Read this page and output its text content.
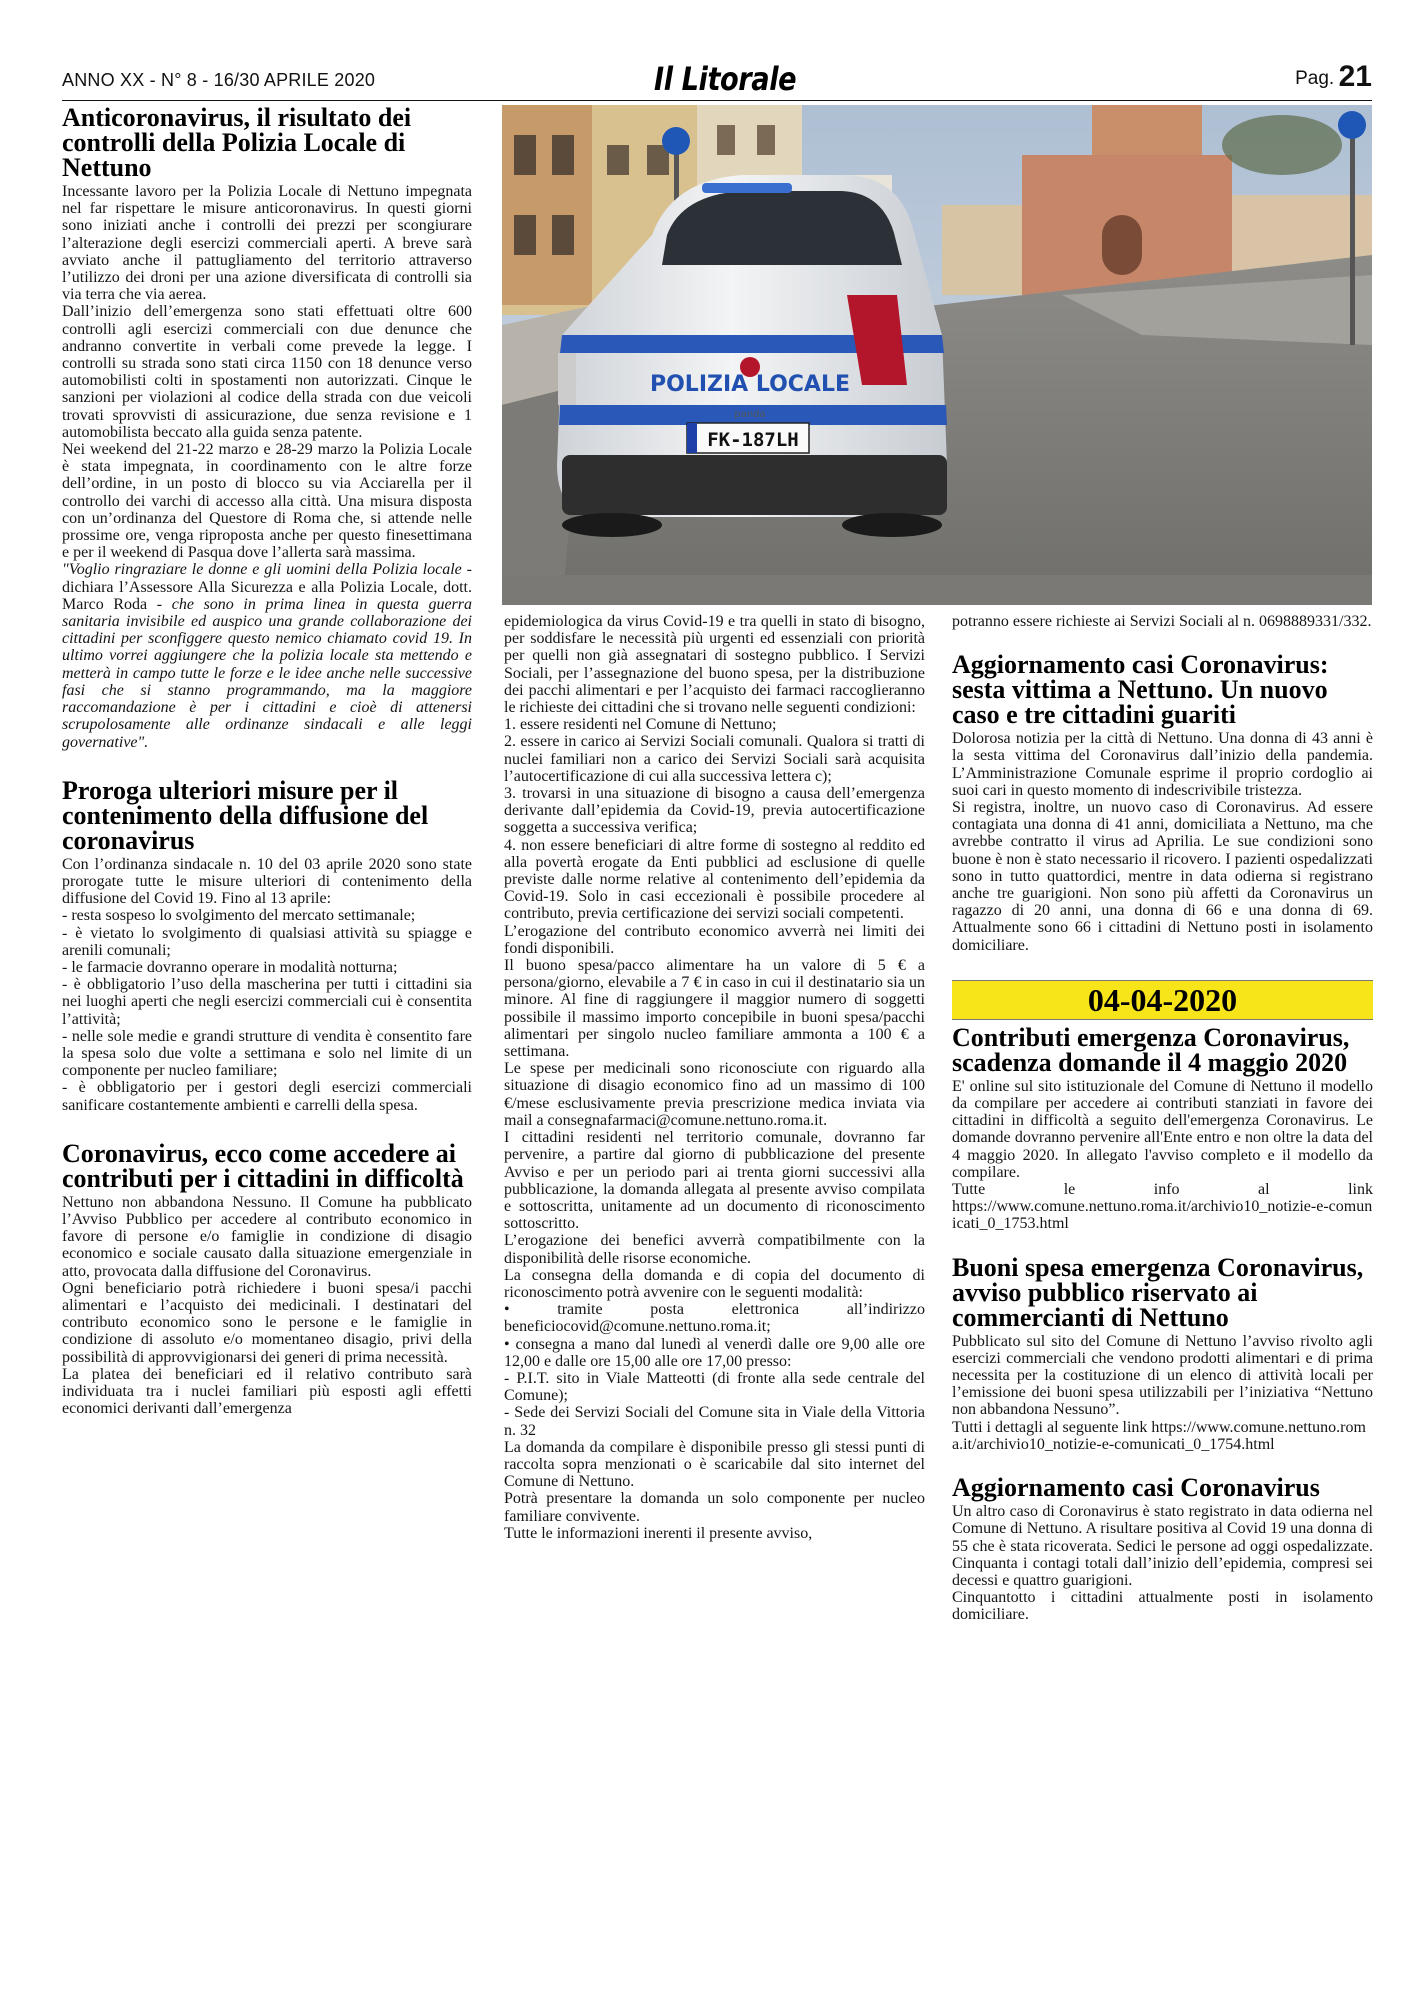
ANNO XX - N° 8 - 16/30 APRILE 2020	Il Litorale	Pag. 21
POLIZIA LOCALE
panda
FK-187LH
Anticoronavirus, il risultato dei controlli della Polizia Locale di Nettuno

Incessante lavoro per la Polizia Locale di Nettuno impegnata nel far rispettare le misure anticoronavirus. In questi giorni sono iniziati anche i controlli dei prezzi per scongiurare l’alterazione degli esercizi commerciali aperti. A breve sarà avviato anche il pattugliamento del territorio attraverso l’utilizzo dei droni per una azione diversificata di controlli sia via terra che via aerea.

Dall’inizio dell’emergenza sono stati effettuati oltre 600 controlli agli esercizi commerciali con due denunce che andranno convertite in verbali come prevede la legge. I controlli su strada sono stati circa 1150 con 18 denunce verso automobilisti colti in spostamenti non autorizzati. Cinque le sanzioni per violazioni al codice della strada con due veicoli trovati sprovvisti di assicurazione, due senza revisione e 1 automobilista beccato alla guida senza patente.

Nei weekend del 21-22 marzo e 28-29 marzo la Polizia Locale è stata impegnata, in coordinamento con le altre forze dell’ordine, in un posto di blocco su via Acciarella per il controllo dei varchi di accesso alla città. Una misura disposta con un’ordinanza del Questore di Roma che, si attende nelle prossime ore, venga riproposta anche per questo finesettimana e per il weekend di Pasqua dove l’allerta sarà massima.

"Voglio ringraziare le donne e gli uomini della Polizia locale - dichiara l’Assessore Alla Sicurezza e alla Polizia Locale, dott. Marco Roda - che sono in prima linea in questa guerra sanitaria invisibile ed auspico una grande collaborazione dei cittadini per sconfiggere questo nemico chiamato covid 19. In ultimo vorrei aggiungere che la polizia locale sta mettendo e metterà in campo tutte le forze e le idee anche nelle successive fasi che si stanno programmando, ma la maggiore raccomandazione è per i cittadini e cioè di attenersi scrupolosamente alle ordinanze sindacali e alle leggi governative".

Proroga ulteriori misure per il contenimento della diffusione del coronavirus

Con l’ordinanza sindacale n. 10 del 03 aprile 2020 sono state prorogate tutte le misure ulteriori di contenimento della diffusione del Covid 19. Fino al 13 aprile:

- resta sospeso lo svolgimento del mercato settimanale;

- è vietato lo svolgimento di qualsiasi attività su spiagge e arenili comunali;

- le farmacie dovranno operare in modalità notturna;

- è obbligatorio l’uso della mascherina per tutti i cittadini sia nei luoghi aperti che negli esercizi commerciali cui è consentita l’attività;

- nelle sole medie e grandi strutture di vendita è consentito fare la spesa solo due volte a settimana e solo nel limite di un componente per nucleo familiare;

- è obbligatorio per i gestori degli esercizi commerciali sanificare costantemente ambienti e carrelli della spesa.

Coronavirus, ecco come accedere ai contributi per i cittadini in difficoltà

Nettuno non abbandona Nessuno. Il Comune ha pubblicato l’Avviso Pubblico per accedere al contributo economico in favore di persone e/o famiglie in condizione di disagio economico e sociale causato dalla situazione emergenziale in atto, provocata dalla diffusione del Coronavirus.

Ogni beneficiario potrà richiedere i buoni spesa/i pacchi alimentari e l’acquisto dei medicinali. I destinatari del contributo economico sono le persone e le famiglie in condizione di assoluto e/o momentaneo disagio, privi della possibilità di approvvigionarsi dei generi di prima necessità.

La platea dei beneficiari ed il relativo contributo sarà individuata tra i nuclei familiari più esposti agli effetti economici derivanti dall’emergenza

epidemiologica da virus Covid-19 e tra quelli in stato di bisogno, per soddisfare le necessità più urgenti ed essenziali con priorità per quelli non già assegnatari di sostegno pubblico. I Servizi Sociali, per l’assegnazione del buono spesa, per la distribuzione dei pacchi alimentari e per l’acquisto dei farmaci raccoglieranno le richieste dei cittadini che si trovano nelle seguenti condizioni:

1. essere residenti nel Comune di Nettuno;

2. essere in carico ai Servizi Sociali comunali. Qualora si tratti di nuclei familiari non a carico dei Servizi Sociali sarà acquisita l’autocertificazione di cui alla successiva lettera c);

3. trovarsi in una situazione di bisogno a causa dell’emergenza derivante dall’epidemia da Covid-19, previa autocertificazione soggetta a successiva verifica;

4. non essere beneficiari di altre forme di sostegno al reddito ed alla povertà erogate da Enti pubblici ad esclusione di quelle previste dalle norme relative al contenimento dell’epidemia da Covid-19. Solo in casi eccezionali è possibile procedere al contributo, previa certificazione dei servizi sociali competenti.

L’erogazione del contributo economico avverrà nei limiti dei fondi disponibili.

Il buono spesa/pacco alimentare ha un valore di 5 € a persona/giorno, elevabile a 7 € in caso in cui il destinatario sia un minore. Al fine di raggiungere il maggior numero di soggetti possibile il massimo importo concepibile in buoni spesa/pacchi alimentari per singolo nucleo familiare ammonta a 100 € a settimana.

Le spese per medicinali sono riconosciute con riguardo alla situazione di disagio economico fino ad un massimo di 100 €/mese esclusivamente previa prescrizione medica inviata via mail a consegnafarmaci@comune.nettuno.roma.it.

I cittadini residenti nel territorio comunale, dovranno far pervenire, a partire dal giorno di pubblicazione del presente Avviso e per un periodo pari ai trenta giorni successivi alla pubblicazione, la domanda allegata al presente avviso compilata e sottoscritta, unitamente ad un documento di riconoscimento sottoscritto.

L’erogazione dei benefici avverrà compatibilmente con la disponibilità delle risorse economiche.

La consegna della domanda e di copia del documento di riconoscimento potrà avvenire con le seguenti modalità:

• tramite posta elettronica all’indirizzo beneficiocovid@comune.nettuno.roma.it;

• consegna a mano dal lunedì al venerdì dalle ore 9,00 alle ore 12,00 e dalle ore 15,00 alle ore 17,00 presso:

- P.I.T. sito in Viale Matteotti (di fronte alla sede centrale del Comune);

- Sede dei Servizi Sociali del Comune sita in Viale della Vittoria n. 32

La domanda da compilare è disponibile presso gli stessi punti di raccolta sopra menzionati o è scaricabile dal sito internet del Comune di Nettuno.

Potrà presentare la domanda un solo componente per nucleo familiare convivente.

Tutte le informazioni inerenti il presente avviso,

potranno essere richieste ai Servizi Sociali al n. 0698889331/332.

Aggiornamento casi Coronavirus: sesta vittima a Nettuno. Un nuovo caso e tre cittadini guariti

Dolorosa notizia per la città di Nettuno. Una donna di 43 anni è la sesta vittima del Coronavirus dall’inizio della pandemia. L’Amministrazione Comunale esprime il proprio cordoglio ai suoi cari in questo momento di indescrivibile tristezza.

Si registra, inoltre, un nuovo caso di Coronavirus. Ad essere contagiata una donna di 41 anni, domiciliata a Nettuno, ma che avrebbe contratto il virus ad Aprilia. Le sue condizioni sono buone è non è stato necessario il ricovero. I pazienti ospedalizzati sono in tutto quattordici, mentre in data odierna si registrano anche tre guarigioni. Non sono più affetti da Coronavirus un ragazzo di 20 anni, una donna di 66 e una donna di 69. Attualmente sono 66 i cittadini di Nettuno posti in isolamento domiciliare.

04-04-2020
Contributi emergenza Coronavirus, scadenza domande il 4 maggio 2020

E' online sul sito istituzionale del Comune di Nettuno il modello da compilare per accedere ai contributi stanziati in favore dei cittadini in difficoltà a seguito dell'emergenza Coronavirus. Le domande dovranno pervenire all'Ente entro e non oltre la data del 4 maggio 2020. In allegato l'avviso completo e il modello da compilare.

Tutte le info al link

https://www.comune.nettuno.roma.it/archivio10_notizie-e-comunicati_0_1753.html

Buoni spesa emergenza Coronavirus, avviso pubblico riservato ai commercianti di Nettuno

Pubblicato sul sito del Comune di Nettuno l’avviso rivolto agli esercizi commerciali che vendono prodotti alimentari e di prima necessita per la costituzione di un elenco di attività locali per l’emissione dei buoni spesa utilizzabili per l’iniziativa “Nettuno non abbandona Nessuno”.

Tutti i dettagli al seguente link https://www.comune.nettuno.roma.it/archivio10_notizie-e-comunicati_0_1754.html

Aggiornamento casi Coronavirus

Un altro caso di Coronavirus è stato registrato in data odierna nel Comune di Nettuno. A risultare positiva al Covid 19 una donna di 55 che è stata ricoverata. Sedici le persone ad oggi ospedalizzate. Cinquanta i contagi totali dall’inizio dell’epidemia, compresi sei decessi e quattro guarigioni.

Cinquantotto i cittadini attualmente posti in isolamento domiciliare.
